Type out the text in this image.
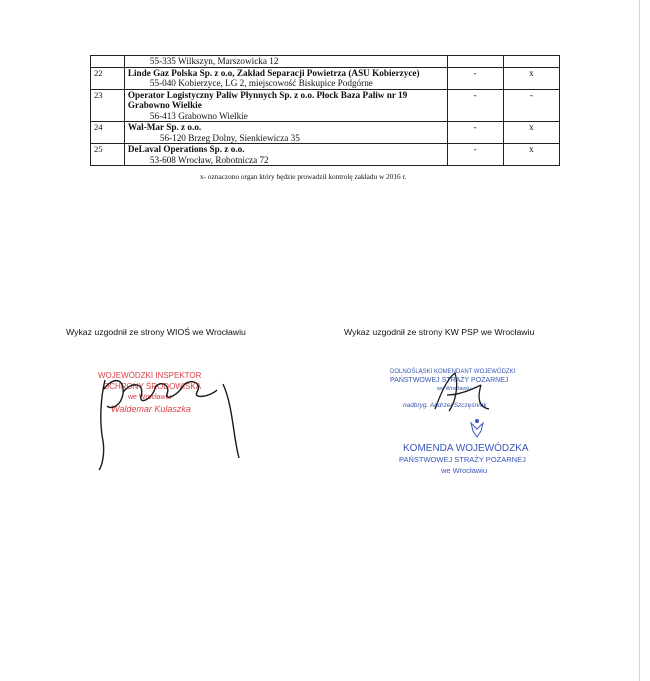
	55-335 Wilkszyn, Marszowicka 12		

22	Linde Gaz Polska Sp. z o.o, Zakład Separacji Powietrza (ASU Kobierzyce)
55-040 Kobierzyce, LG 2, miejscowość Biskupice Podgórne	-	x
23	Operator Logistyczny Paliw Płynnych Sp. z o.o. Płock Baza Paliw nr 19 Grabowno Wielkie
56-413 Grabowno Wielkie	-	-
24	Wal-Mar Sp. z o.o.
56-120 Brzeg Dolny, Sienkiewicza 35	-	x
25	DeLaval Operations Sp. z o.o.
53-608 Wrocław, Robotnicza 72	-	x
x- oznaczono organ który będzie prowadził kontrolę zakładu w 2016 r.
Wykaz uzgodnił ze strony WIOŚ we Wrocławiu	Wykaz uzgodnił ze strony KW PSP we Wrocławiu
WOJEWÓDZKI INSPEKTOR
OCHRONY ŚRODOWISKA
we Wrocławiu
Waldemar Kulaszka
DOLNOŚLĄSKI KOMENDANT WOJEWÓDZKI
PAŃSTWOWEJ STRAŻY POŻARNEJ
we Wrocławiu
nadbryg. Andrzej Szczęśniak
KOMENDA WOJEWÓDZKA
PAŃSTWOWEJ STRAŻY POŻARNEJ
we Wrocławiu
